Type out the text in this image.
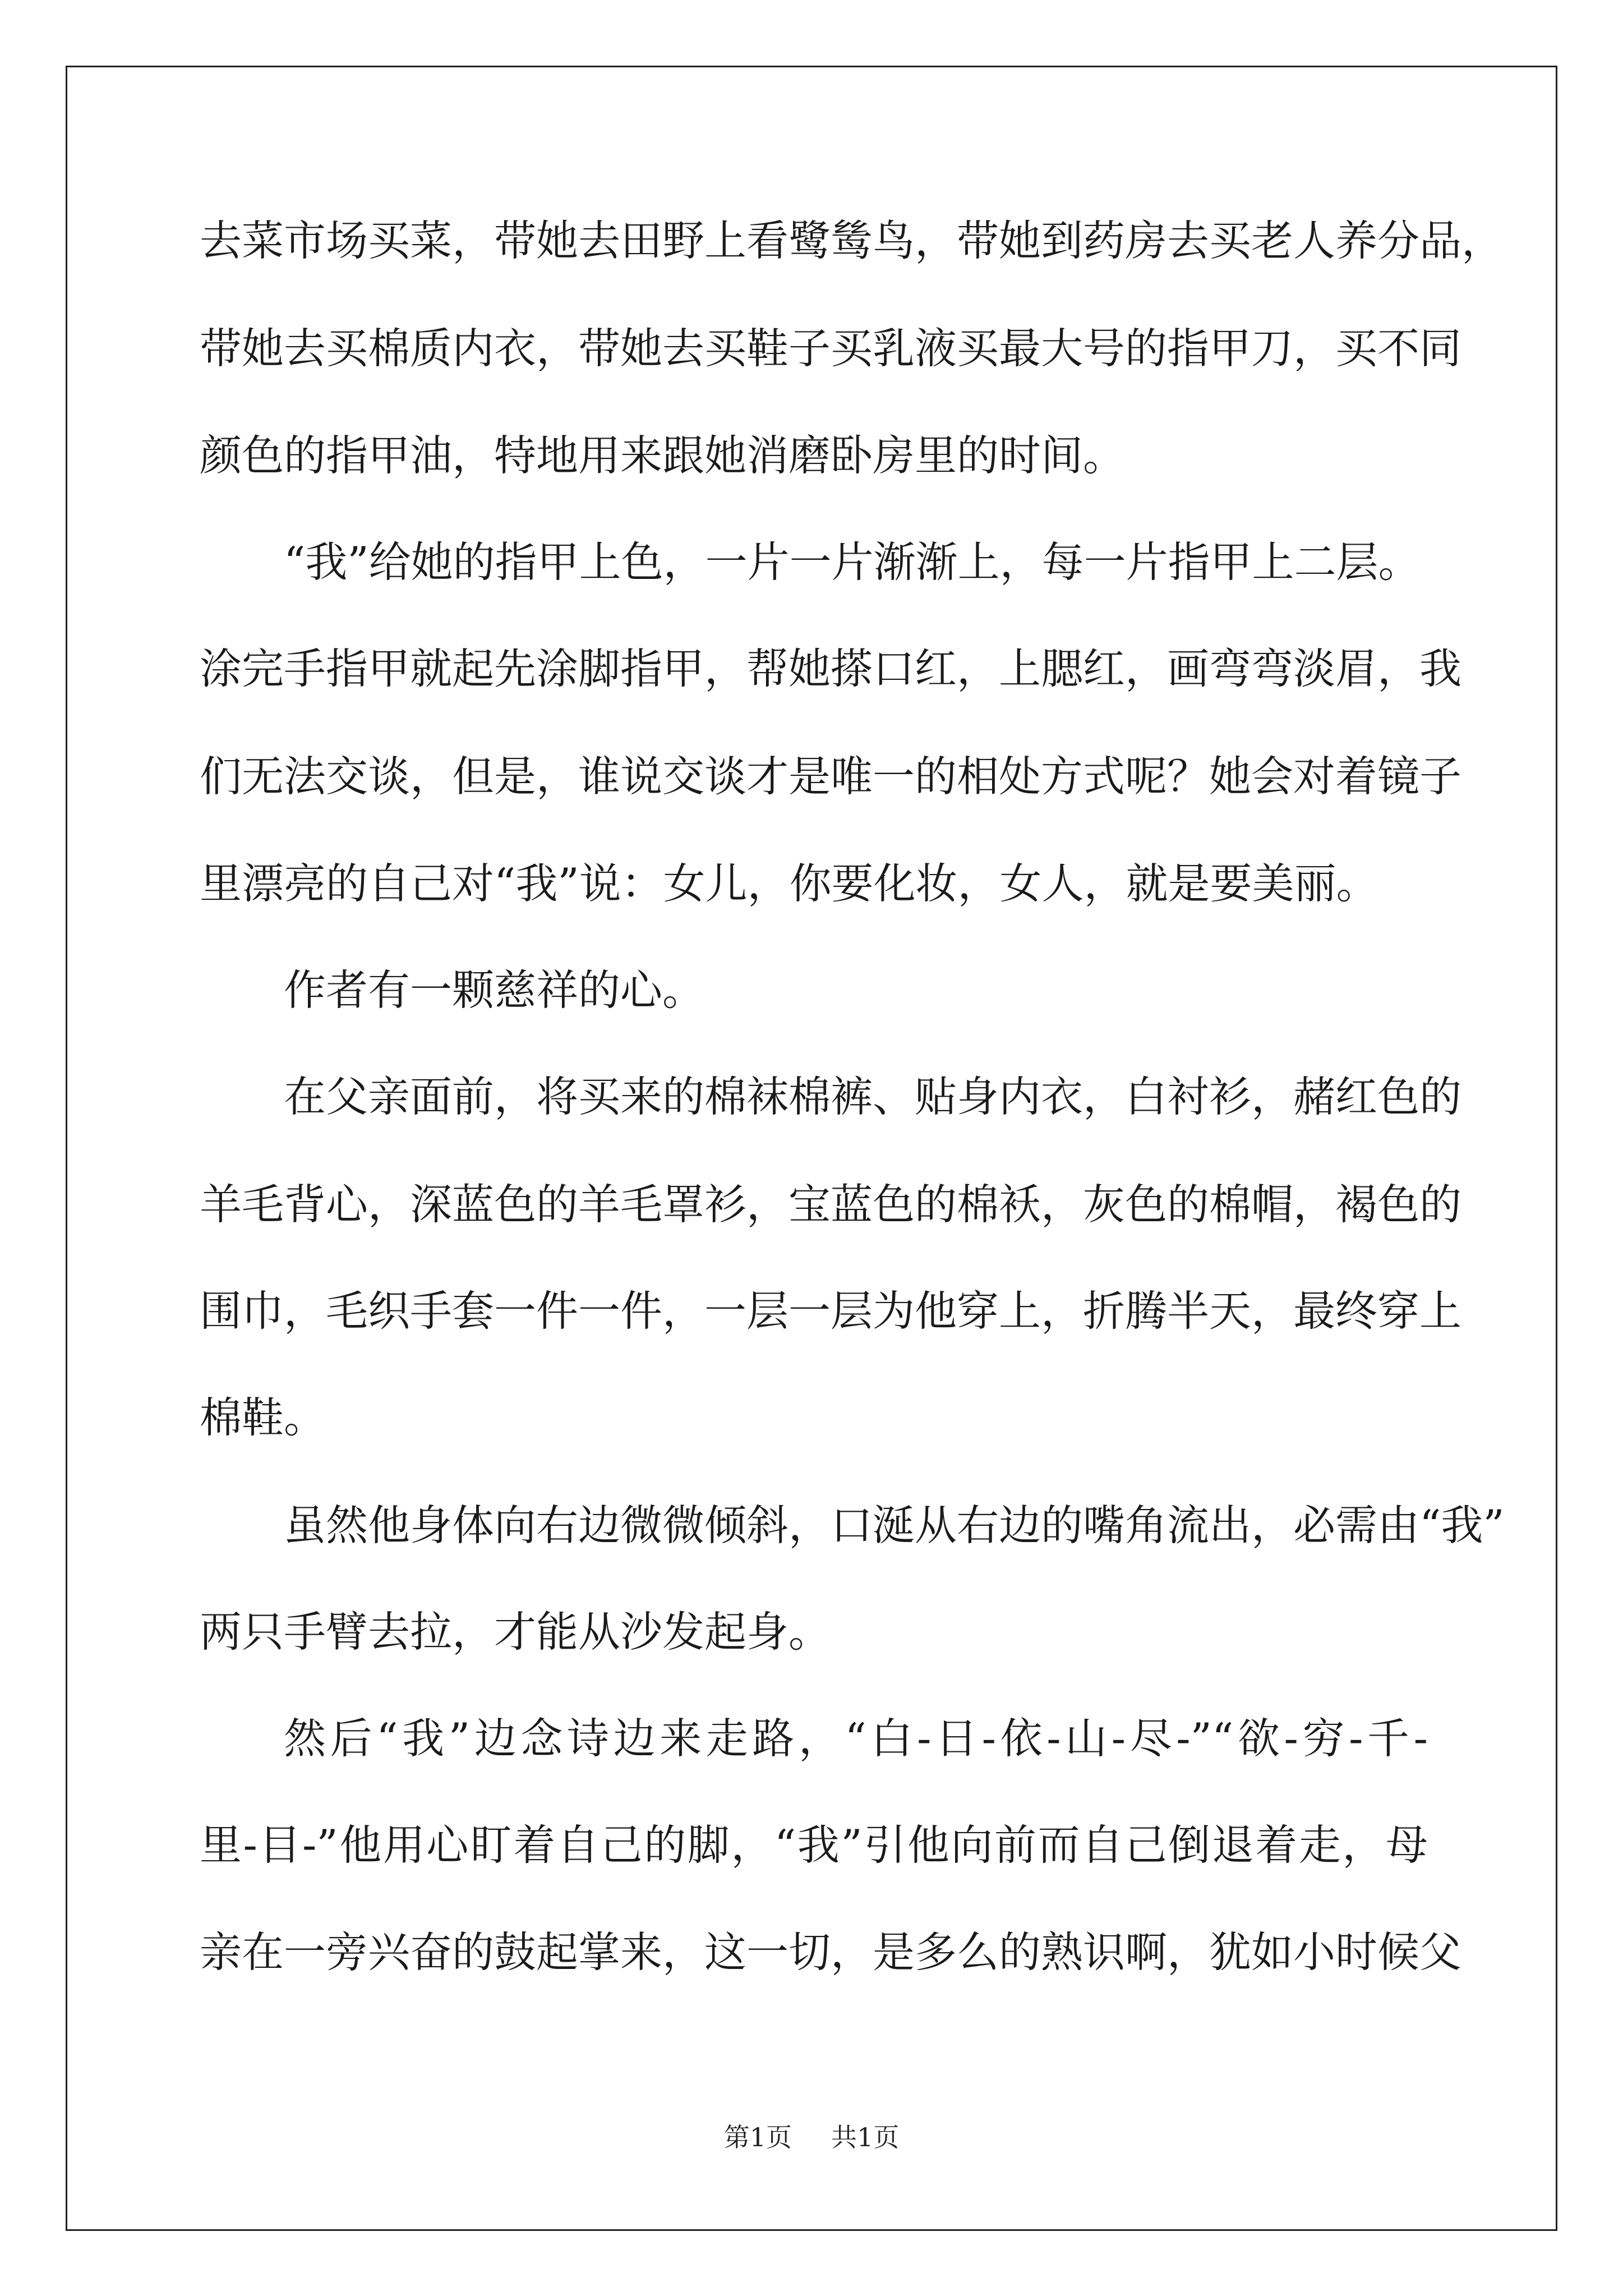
去菜市场买菜，带她去田野上看鹭鸶鸟，带她到药房去买老人养分品，
带她去买棉质内衣，带她去买鞋子买乳液买最大号的指甲刀，买不同
颜色的指甲油，特地用来跟她消磨卧房里的时间。
“我”给她的指甲上色，一片一片渐渐上，每一片指甲上二层。
涂完手指甲就起先涂脚指甲，帮她搽口红，上腮红，画弯弯淡眉，我
们无法交谈，但是，谁说交谈才是唯一的相处方式呢？她会对着镜子
里漂亮的自己对“我”说：女儿，你要化妆，女人，就是要美丽。
作者有一颗慈祥的心。
在父亲面前，将买来的棉袜棉裤、贴身内衣，白衬衫，赭红色的
羊毛背心，深蓝色的羊毛罩衫，宝蓝色的棉袄，灰色的棉帽，褐色的
围巾，毛织手套一件一件，一层一层为他穿上，折腾半天，最终穿上
棉鞋。
虽然他身体向右边微微倾斜，口涎从右边的嘴角流出，必需由“我”
两只手臂去拉，才能从沙发起身。
然后“我”边念诗边来走路，“白-日-依-山-尽-”“欲-穷-千-
里-目-”他用心盯着自己的脚，“我”引他向前而自己倒退着走，母
亲在一旁兴奋的鼓起掌来，这一切，是多么的熟识啊，犹如小时候父
第1页 共1页
